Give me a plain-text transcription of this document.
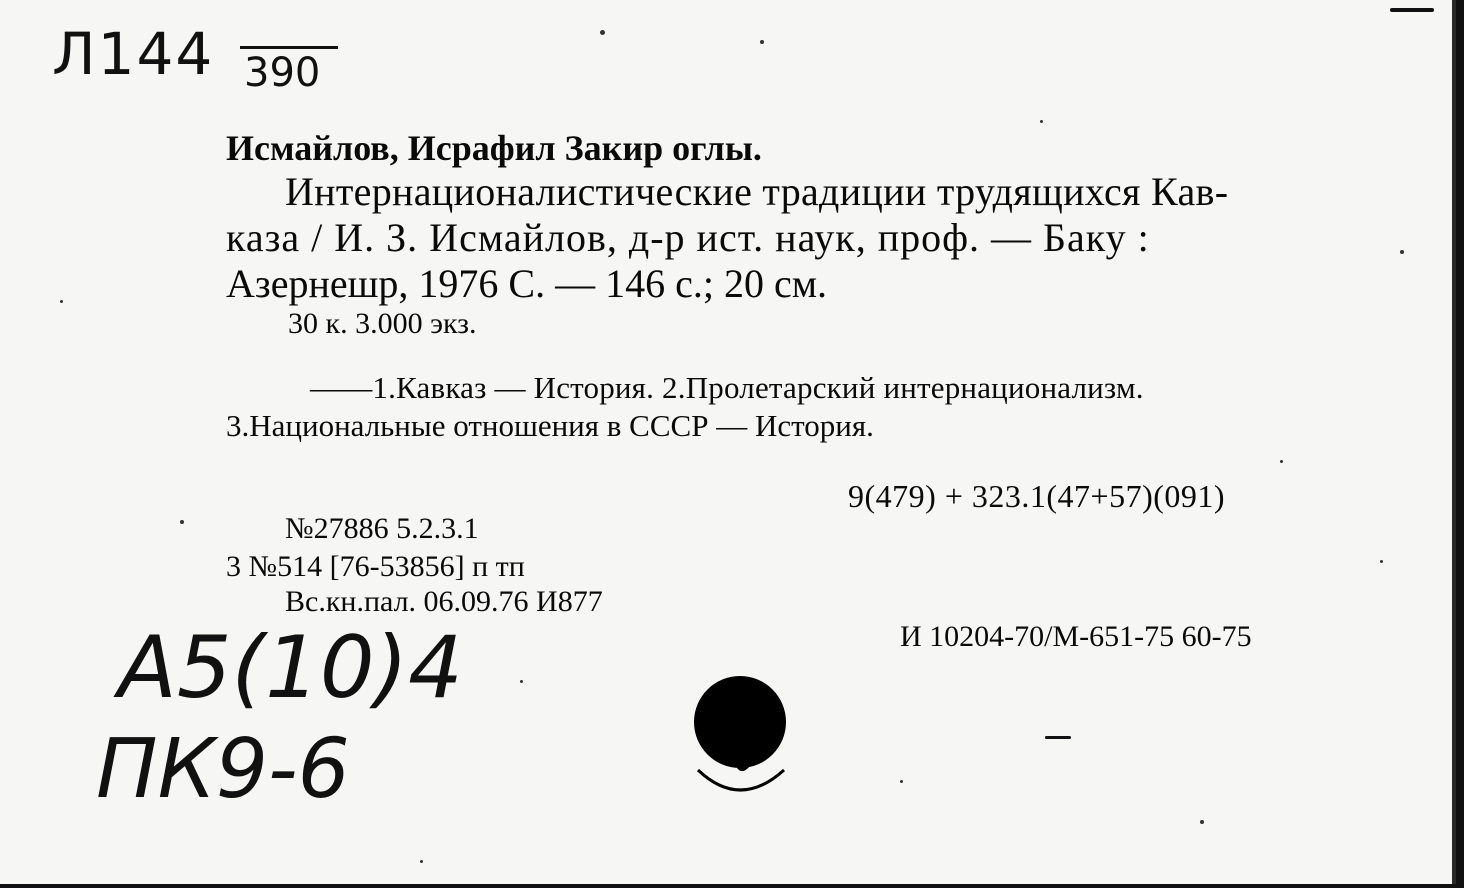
Л144 390
Исмайлов, Исрафил Закир оглы.
Интернационалистические традиции трудящихся Кав-
каза / И. З. Исмайлов, д-р ист. наук, проф. — Баку :
Азернешр, 1976 С. — 146 с.; 20 см.
30 к. 3.000 экз.
——1.Кавказ — История. 2.Пролетарский интернационализм.
3.Национальные отношения в СССР — История.
9(479) + 323.1(47+57)(091)
№27886 5.2.3.1
3 №514 [76-53856] п тп
Вс.кн.пал. 06.09.76 И877
И 10204-70/М-651-75 60-75
А5(10)4
ПК9-6
